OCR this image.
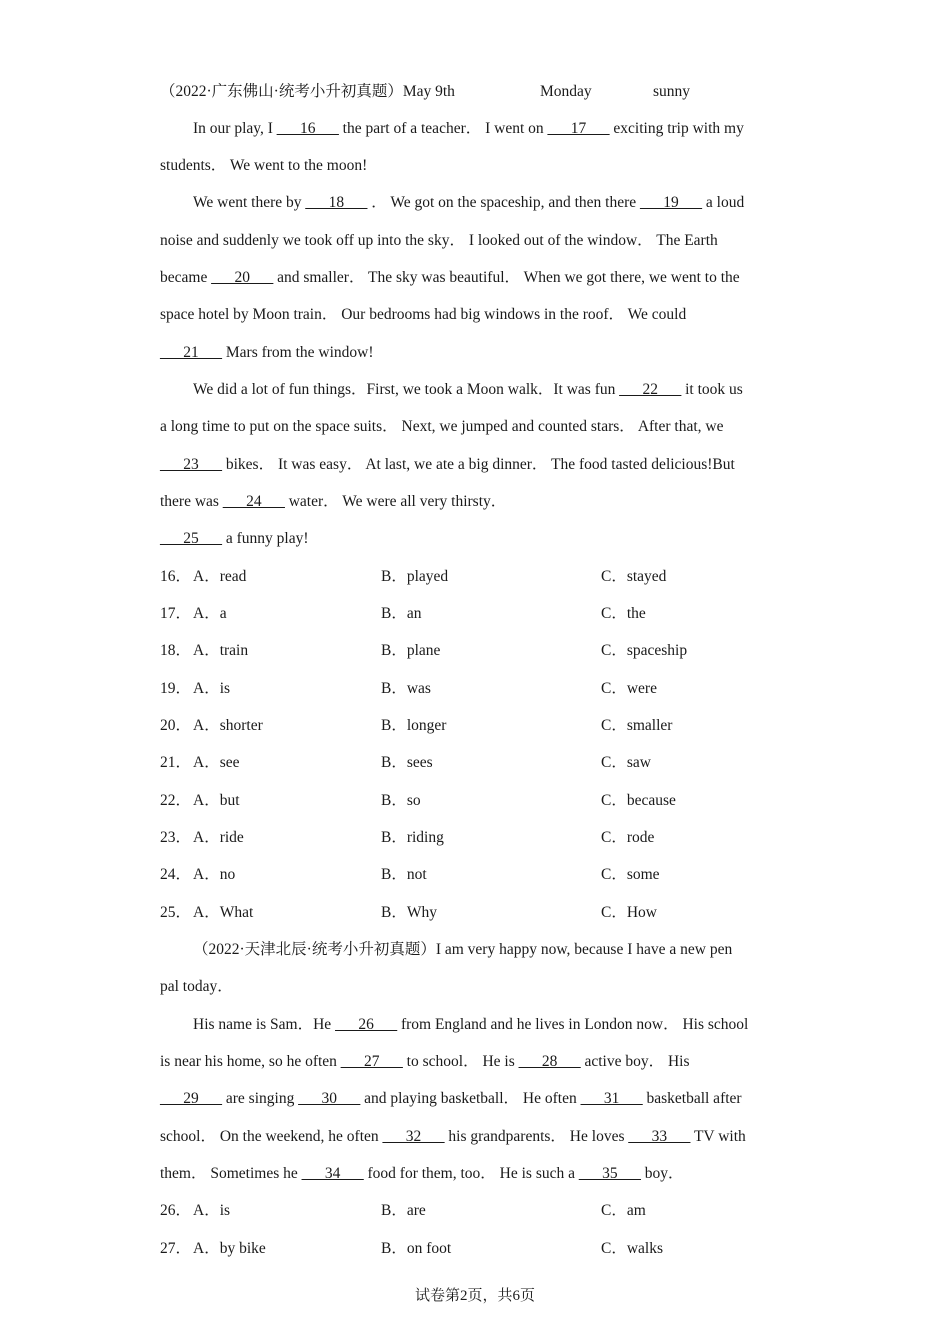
（2022·广东佛山·统考小升初真题）May 9th	Monday	sunny
In our play, I ___16___ the part of a teacher． I went on ___17___ exciting trip with my
students． We went to the moon!
We went there by ___18___ ． We got on the spaceship, and then there ___19___ a loud
noise and suddenly we took off up into the sky． I looked out of the window． The Earth
became ___20___ and smaller． The sky was beautiful． When we got there, we went to the
space hotel by Moon train． Our bedrooms had big windows in the roof． We could
___21___ Mars from the window!
We did a lot of fun things．First, we took a Moon walk．It was fun ___22___ it took us
a long time to put on the space suits． Next, we jumped and counted stars． After that, we
___23___ bikes． It was easy． At last, we ate a big dinner． The food tasted delicious!But
there was ___24___ water． We were all very thirsty．
___25___ a funny play!
16． A．read	B．played	C．stayed
17． A．a	B．an	C．the
18． A．train	B．plane	C．spaceship
19． A．is	B．was	C．were
20． A．shorter	B．longer	C．smaller
21． A．see	B．sees	C．saw
22． A．but	B．so	C．because
23． A．ride	B．riding	C．rode
24． A．no	B．not	C．some
25． A．What	B．Why	C．How
（2022·天津北辰·统考小升初真题）I am very happy now, because I have a new pen
pal today．
His name is Sam．He ___26___ from England and he lives in London now． His school
is near his home, so he often ___27___ to school． He is ___28___ active boy． His
___29___ are singing ___30___ and playing basketball． He often ___31___ basketball after
school． On the weekend, he often ___32___ his grandparents． He loves ___33___ TV with
them． Sometimes he ___34___ food for them, too． He is such a ___35___ boy．
26． A．is	B．are	C．am
27． A．by bike	B．on foot	C．walks
试卷第2页，共6页
